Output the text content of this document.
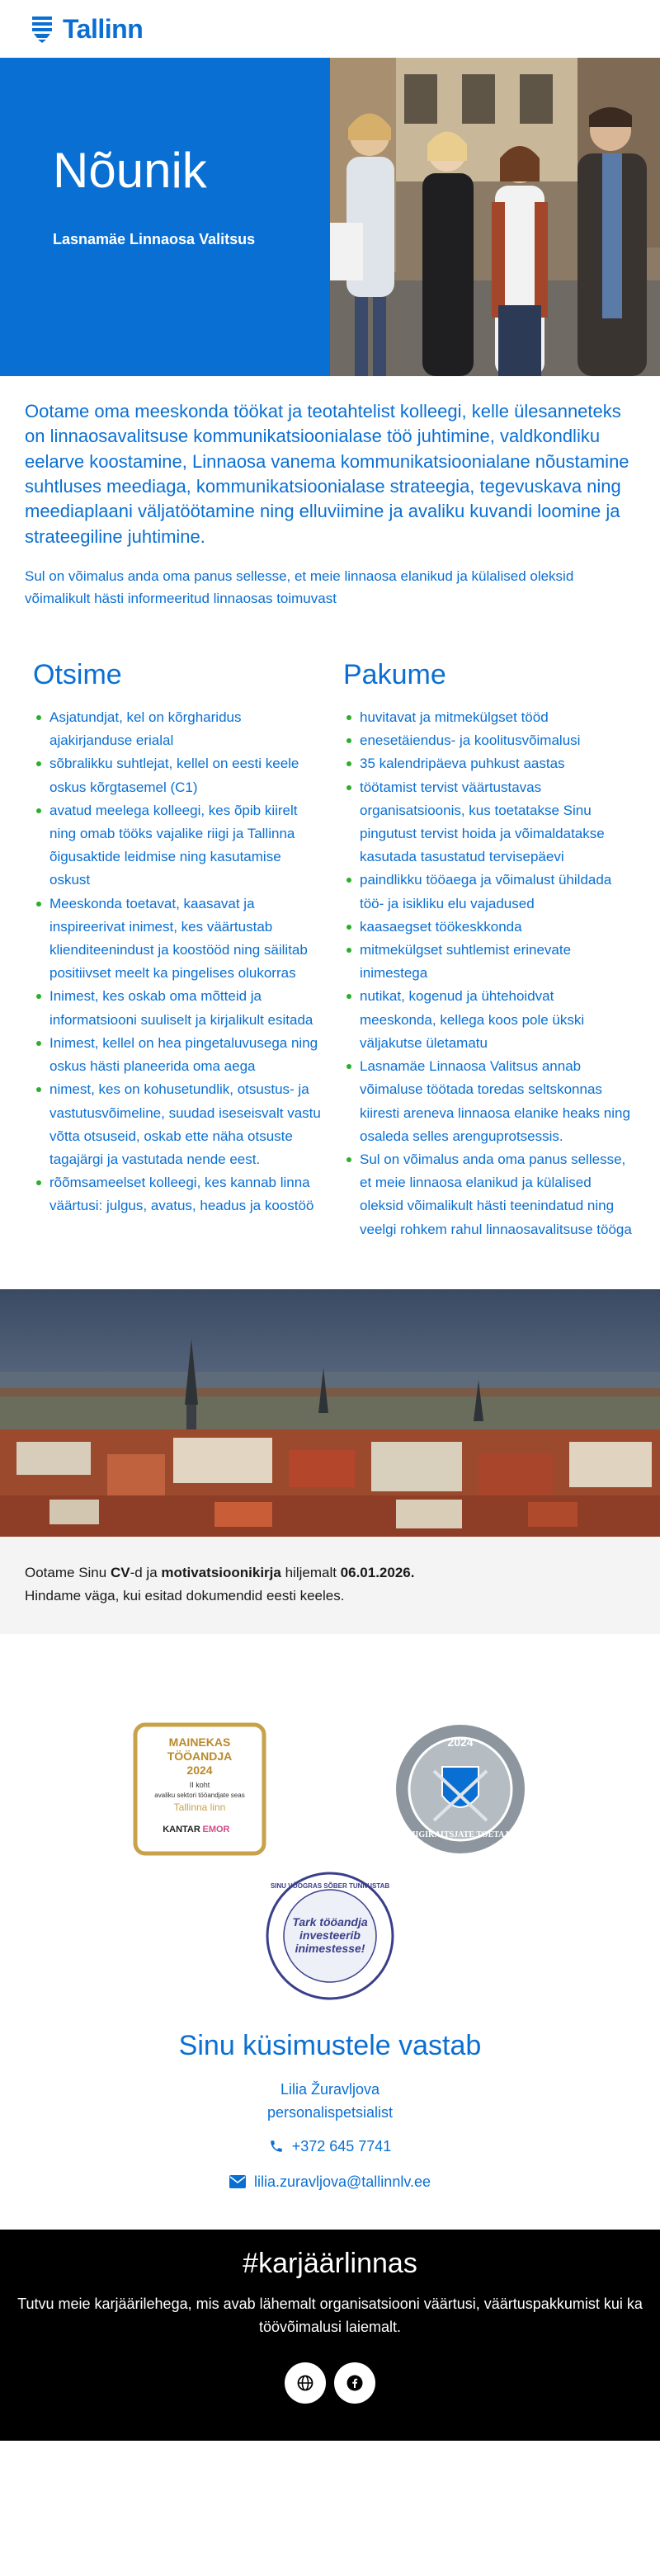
Tallinn
Nõunik
Lasnamäe Linnaosa Valitsus

Ootame oma meeskonda töökat ja teotahtelist kolleegi, kelle ülesanneteks on linnaosavalitsuse kommunikatsioonialase töö juhtimine, valdkondliku eelarve koostamine, Linnaosa vanema kommunikatsioonialane nõustamine suhtluses meediaga, kommunikatsioonialase strateegia, tegevuskava ning meediaplaani väljatöötamine ning elluviimine ja avaliku kuvandi loomine ja strateegiline juhtimine.

Sul on võimalus anda oma panus sellesse, et meie linnaosa elanikud ja külalised oleksid võimalikult hästi informeeritud linnaosas toimuvast

Otsime
Asjatundjat, kel on kõrgharidus ajakirjanduse erialal
sõbralikku suhtlejat, kellel on eesti keele oskus kõrgtasemel (C1)
avatud meelega kolleegi, kes õpib kiirelt ning omab tööks vajalike riigi ja Tallinna õigusaktide leidmise ning kasutamise oskust
Meeskonda toetavat, kaasavat ja inspireerivat inimest, kes väärtustab klienditeenindust ja koostööd ning säilitab positiivset meelt ka pingelises olukorras
Inimest, kes oskab oma mõtteid ja informatsiooni suuliselt ja kirjalikult esitada
Inimest, kellel on hea pingetaluvusega ning oskus hästi planeerida oma aega
nimest, kes on kohusetundlik, otsustus- ja vastutusvõimeline, suudad iseseisvalt vastu võtta otsuseid, oskab ette näha otsuste tagajärgi ja vastutada nende eest.
rõõmsameelset kolleegi, kes kannab linna väärtusi: julgus, avatus, headus ja koostöö
Pakume
huvitavat ja mitmekülgset tööd
enesetäiendus- ja koolitusvõimalusi
35 kalendripäeva puhkust aastas
töötamist tervist väärtustavas organisatsioonis, kus toetatakse Sinu pingutust tervist hoida ja võimaldatakse kasutada tasustatud tervisepäevi
paindlikku tööaega ja võimalust ühildada töö- ja isikliku elu vajadused
kaasaegset töökeskkonda
mitmekülgset suhtlemist erinevate inimestega
nutikat, kogenud ja ühtehoidvat meeskonda, kellega koos pole ükski väljakutse ületamatu
Lasnamäe Linnaosa Valitsus annab võimaluse töötada toredas seltskonnas kiiresti areneva linnaosa elanike heaks ning osaleda selles arenguprotsessis.
Sul on võimalus anda oma panus sellesse, et meie linnaosa elanikud ja külalised oleksid võimalikult hästi teenindatud ning veelgi rohkem rahul linnaosavalitsuse tööga
Ootame Sinu CV-d ja motivatsioonikirja hiljemalt 06.01.2026.
Hindame väga, kui esitad dokumendid eesti keeles.
MAINEKAS
TÖÖANDJA
2024
II koht
avaliku sektori tööandjate seas
Tallinna linn
KANTAR EMOR
2024
RIIGIKAITSJATE TOETAJA
SINU VÕOGRAS SÕBER TUNNUSTAB
Tark tööandja
investeerib
inimestesse!
Sinu küsimustele vastab
Lilia Žuravljova
personalispetsialist
+372 645 7741
lilia.zuravljova@tallinnlv.ee
#karjäärlinnas

Tutvu meie karjäärilehega, mis avab lähemalt organisatsiooni väärtusi, väärtuspakkumist kui ka töövõimalusi laiemalt.
